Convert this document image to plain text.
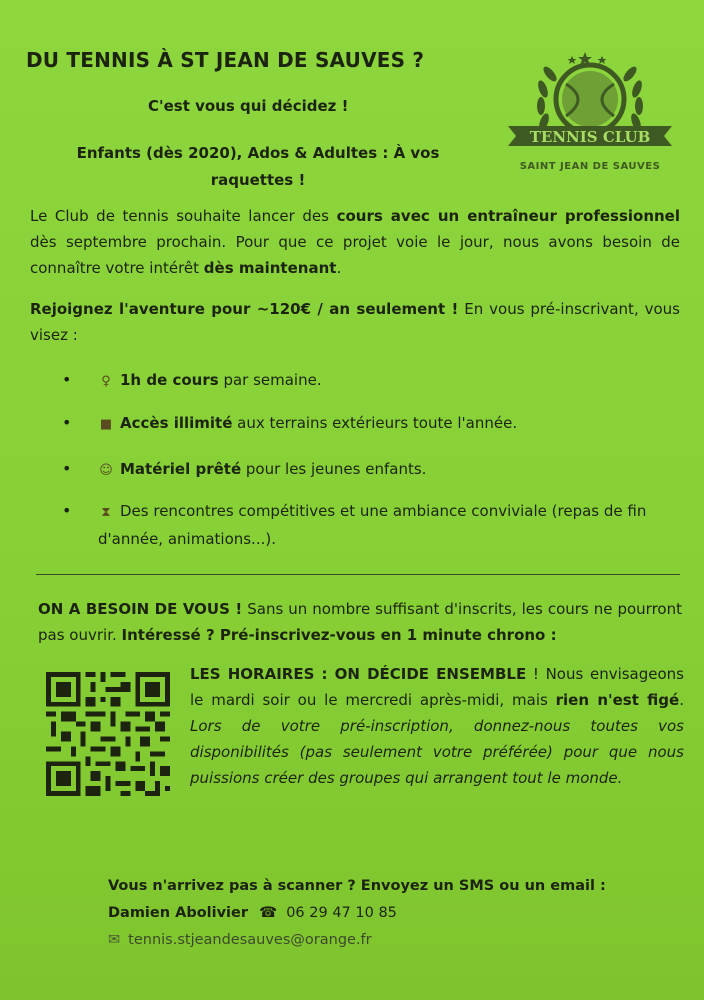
DU TENNIS À ST JEAN DE SAUVES ?
C'est vous qui décidez !
Enfants (dès 2020), Ados & Adultes : À vos raquettes !
TENNIS CLUB
SAINT JEAN DE SAUVES
Le Club de tennis souhaite lancer des cours avec un entraîneur professionnel dès septembre prochain. Pour que ce projet voie le jour, nous avons besoin de connaître votre intérêt dès maintenant.
Rejoignez l'aventure pour ~120€ / an seulement ! En vous pré-inscrivant, vous visez :
• ♀ 1h de cours par semaine.
• ■ Accès illimité aux terrains extérieurs toute l'année.
• ☺ Matériel prêté pour les jeunes enfants.
•	⧗ Des rencontres compétitives et une ambiance conviviale (repas de fin d'année, animations...).
ON A BESOIN DE VOUS ! Sans un nombre suffisant d'inscrits, les cours ne pourront pas ouvrir. Intéressé ? Pré-inscrivez-vous en 1 minute chrono :
LES HORAIRES : ON DÉCIDE ENSEMBLE ! Nous envisageons le mardi soir ou le mercredi après-midi, mais rien n'est figé. Lors de votre pré-inscription, donnez-nous toutes vos disponibilités (pas seulement votre préférée) pour que nous puissions créer des groupes qui arrangent tout le monde.
Vous n'arrivez pas à scanner ? Envoyez un SMS ou un email :
Damien Abolivier ☎ 06 29 47 10 85
✉ tennis.stjeandesauves@orange.fr
